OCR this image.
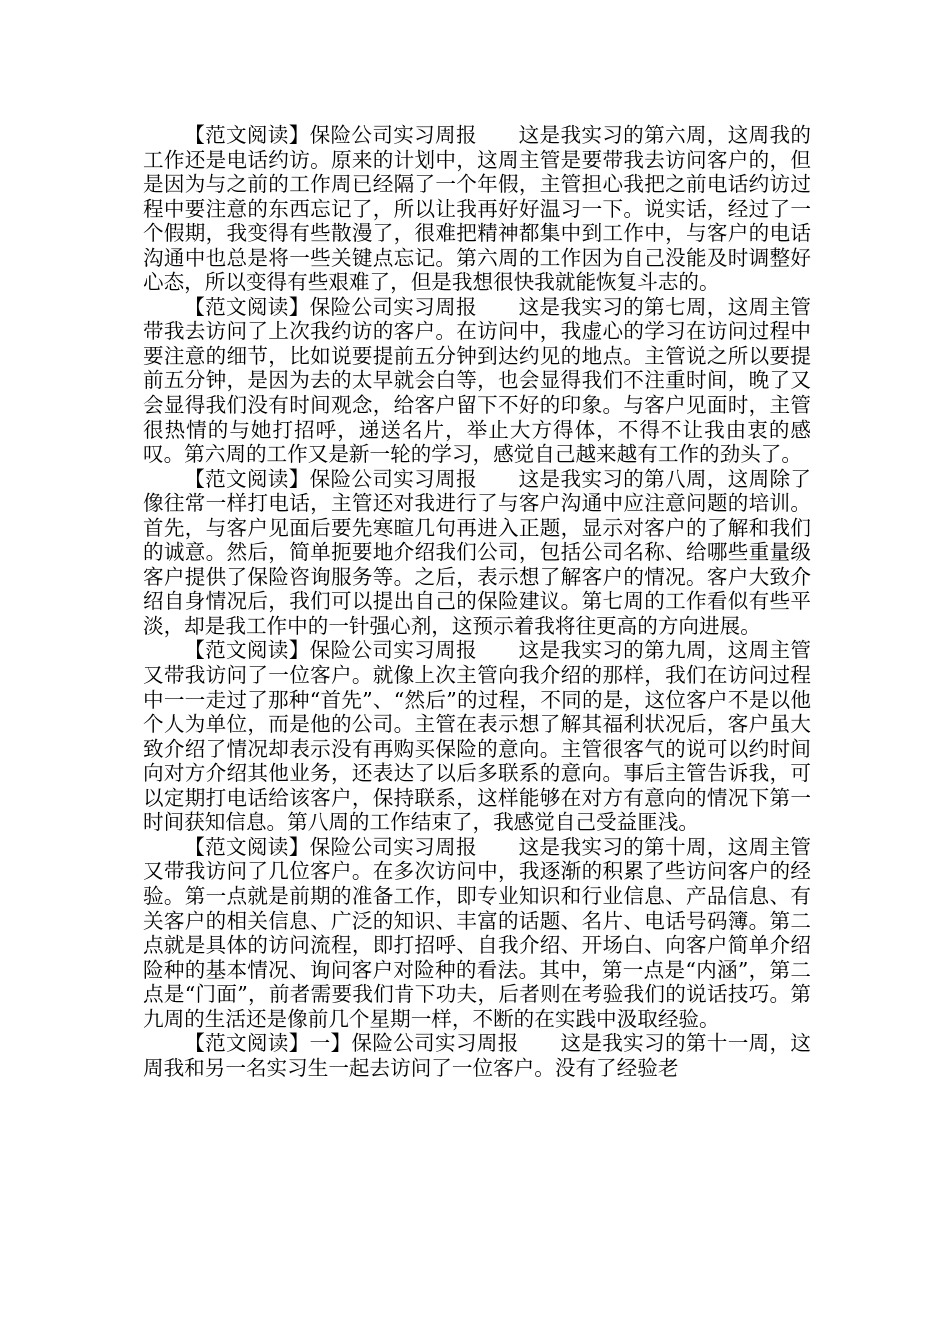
【范文阅读】保险公司实习周报　　这是我实习的第六周，这周我的工作还是电话约访。原来的计划中，这周主管是要带我去访问客户的，但是因为与之前的工作周已经隔了一个年假，主管担心我把之前电话约访过程中要注意的东西忘记了，所以让我再好好温习一下。说实话，经过了一个假期，我变得有些散漫了，很难把精神都集中到工作中，与客户的电话沟通中也总是将一些关键点忘记。第六周的工作因为自己没能及时调整好心态，所以变得有些艰难了，但是我想很快我就能恢复斗志的。

【范文阅读】保险公司实习周报　　这是我实习的第七周，这周主管带我去访问了上次我约访的客户。在访问中，我虚心的学习在访问过程中要注意的细节，比如说要提前五分钟到达约见的地点。主管说之所以要提前五分钟，是因为去的太早就会白等，也会显得我们不注重时间，晚了又会显得我们没有时间观念，给客户留下不好的印象。与客户见面时，主管很热情的与她打招呼，递送名片，举止大方得体，不得不让我由衷的感叹。第六周的工作又是新一轮的学习，感觉自己越来越有工作的劲头了。

【范文阅读】保险公司实习周报　　这是我实习的第八周，这周除了像往常一样打电话，主管还对我进行了与客户沟通中应注意问题的培训。首先，与客户见面后要先寒暄几句再进入正题，显示对客户的了解和我们的诚意。然后，简单扼要地介绍我们公司，包括公司名称、给哪些重量级客户提供了保险咨询服务等。之后，表示想了解客户的情况。客户大致介绍自身情况后，我们可以提出自己的保险建议。第七周的工作看似有些平淡，却是我工作中的一针强心剂，这预示着我将往更高的方向进展。

【范文阅读】保险公司实习周报　　这是我实习的第九周，这周主管又带我访问了一位客户。就像上次主管向我介绍的那样，我们在访问过程中一一走过了那种“首先”、“然后”的过程，不同的是，这位客户不是以他个人为单位，而是他的公司。主管在表示想了解其福利状况后，客户虽大致介绍了情况却表示没有再购买保险的意向。主管很客气的说可以约时间向对方介绍其他业务，还表达了以后多联系的意向。事后主管告诉我，可以定期打电话给该客户，保持联系，这样能够在对方有意向的情况下第一时间获知信息。第八周的工作结束了，我感觉自己受益匪浅。

【范文阅读】保险公司实习周报　　这是我实习的第十周，这周主管又带我访问了几位客户。在多次访问中，我逐渐的积累了些访问客户的经验。第一点就是前期的准备工作，即专业知识和行业信息、产品信息、有关客户的相关信息、广泛的知识、丰富的话题、名片、电话号码簿。第二点就是具体的访问流程，即打招呼、自我介绍、开场白、向客户简单介绍险种的基本情况、询问客户对险种的看法。其中，第一点是“内涵”，第二点是“门面”，前者需要我们肯下功夫，后者则在考验我们的说话技巧。第九周的生活还是像前几个星期一样，不断的在实践中汲取经验。

【范文阅读】一】保险公司实习周报　　这是我实习的第十一周，这周我和另一名实习生一起去访问了一位客户。没有了经验老
